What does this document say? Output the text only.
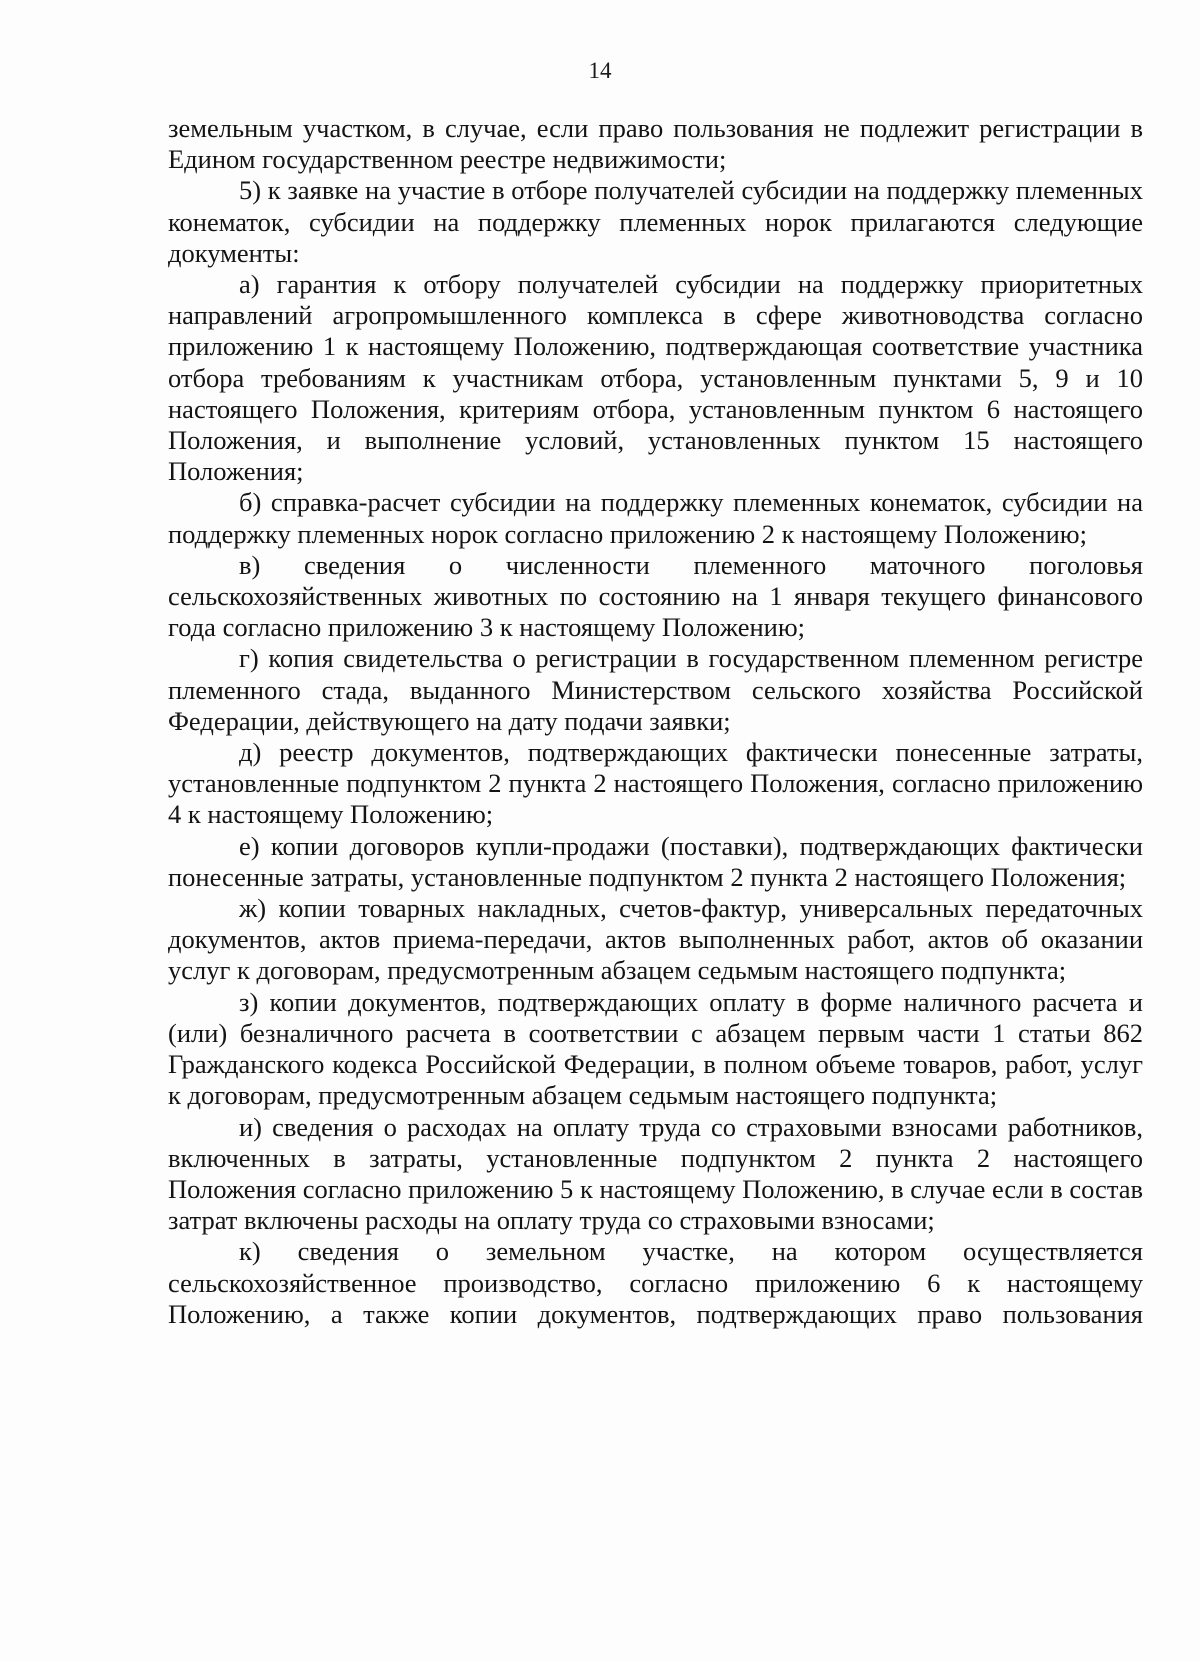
14

земельным участком, в случае, если право пользования не подлежит регистрации в Едином государственном реестре недвижимости;

5) к заявке на участие в отборе получателей субсидии на поддержку племенных конематок, субсидии на поддержку племенных норок прилагаются следующие документы:

а) гарантия к отбору получателей субсидии на поддержку приоритетных направлений агропромышленного комплекса в сфере животноводства согласно приложению 1 к настоящему Положению, подтверждающая соответствие участника отбора требованиям к участникам отбора, установленным пунктами 5, 9 и 10 настоящего Положения, критериям отбора, установленным пунктом 6 настоящего Положения, и выполнение условий, установленных пунктом 15 настоящего Положения;

б) справка-расчет субсидии на поддержку племенных конематок, субсидии на поддержку племенных норок согласно приложению 2 к настоящему Положению;

в) сведения о численности племенного маточного поголовья сельскохозяйственных животных по состоянию на 1 января текущего финансового года согласно приложению 3 к настоящему Положению;

г) копия свидетельства о регистрации в государственном племенном регистре племенного стада, выданного Министерством сельского хозяйства Российской Федерации, действующего на дату подачи заявки;

д) реестр документов, подтверждающих фактически понесенные затраты, установленные подпунктом 2 пункта 2 настоящего Положения, согласно приложению 4 к настоящему Положению;

е) копии договоров купли-продажи (поставки), подтверждающих фактически понесенные затраты, установленные подпунктом 2 пункта 2 настоящего Положения;

ж) копии товарных накладных, счетов-фактур, универсальных передаточных документов, актов приема-передачи, актов выполненных работ, актов об оказании услуг к договорам, предусмотренным абзацем седьмым настоящего подпункта;

з) копии документов, подтверждающих оплату в форме наличного расчета и (или) безналичного расчета в соответствии с абзацем первым части 1 статьи 862 Гражданского кодекса Российской Федерации, в полном объеме товаров, работ, услуг к договорам, предусмотренным абзацем седьмым настоящего подпункта;

и) сведения о расходах на оплату труда со страховыми взносами работников, включенных в затраты, установленные подпунктом 2 пункта 2 настоящего Положения согласно приложению 5 к настоящему Положению, в случае если в состав затрат включены расходы на оплату труда со страховыми взносами;

к) сведения о земельном участке, на котором осуществляется сельскохозяйственное производство, согласно приложению 6 к настоящему Положению, а также копии документов, подтверждающих право пользования
